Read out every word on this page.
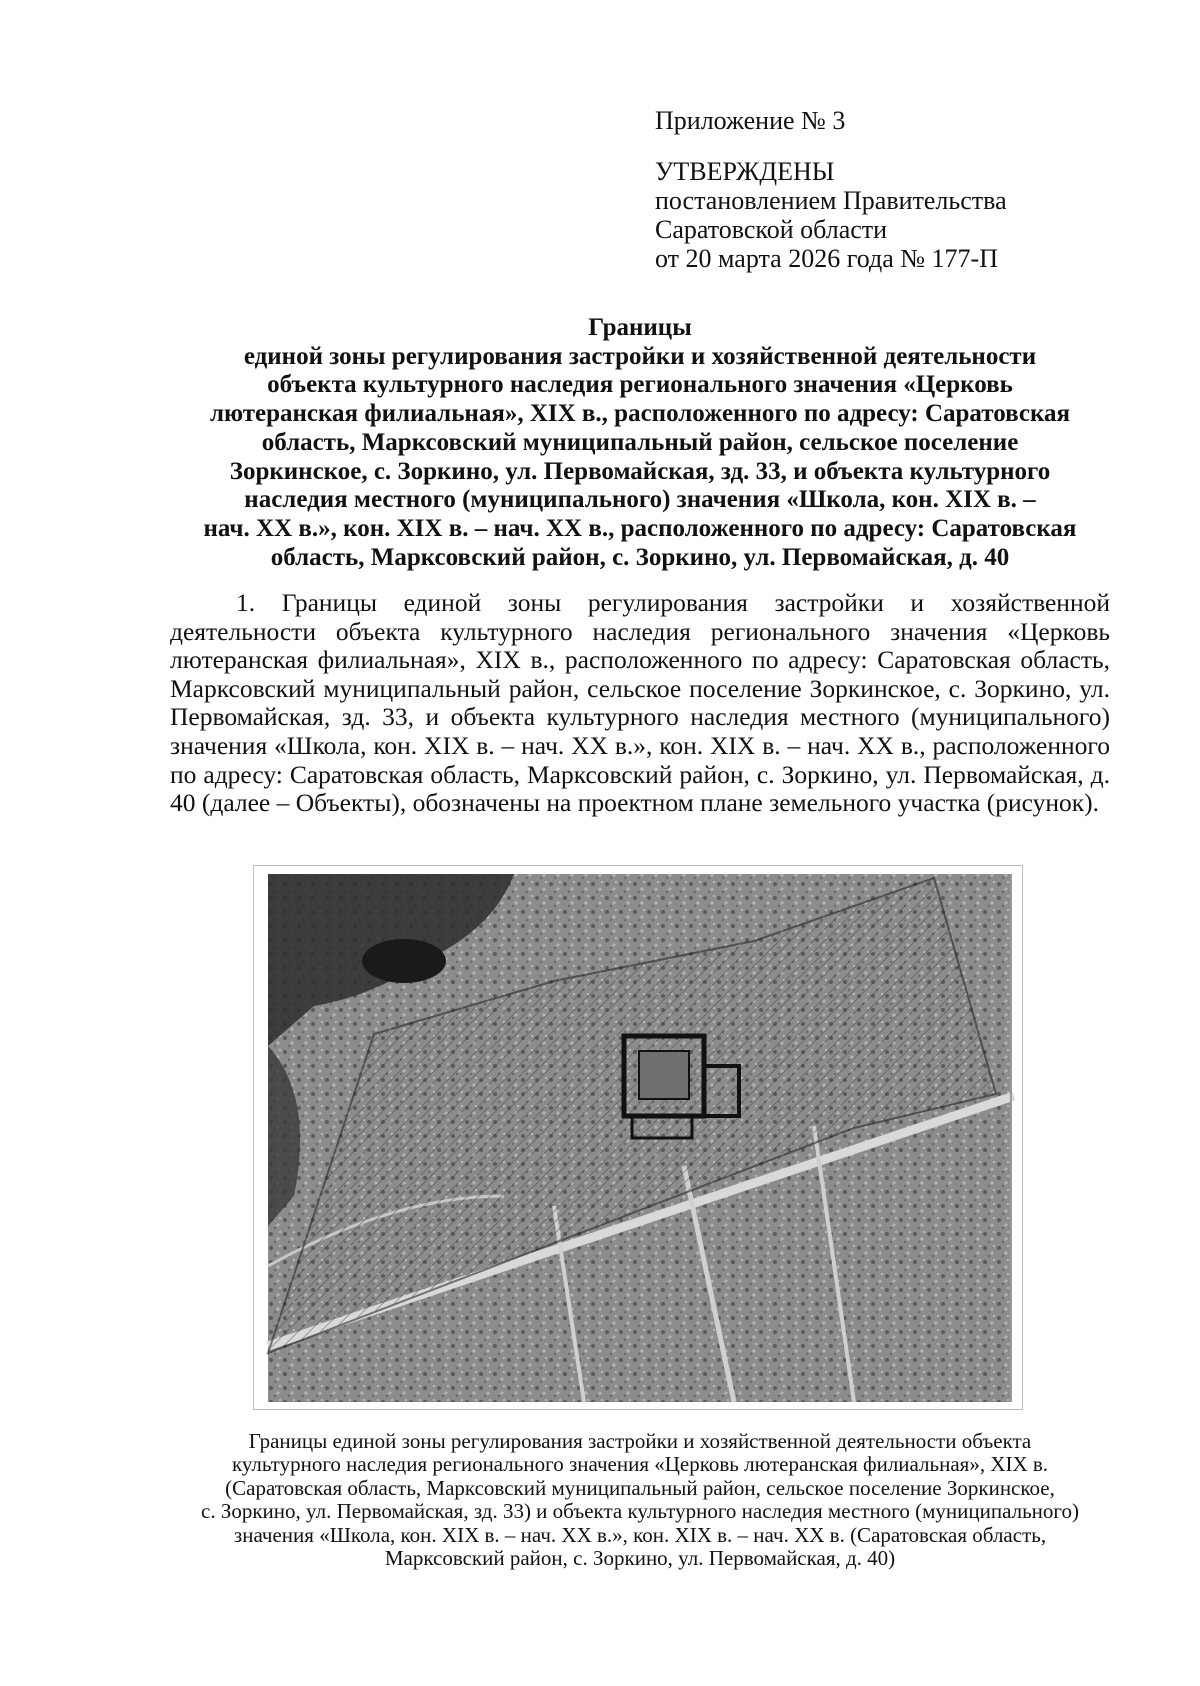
Приложение № 3
УТВЕРЖДЕНЫ
постановлением Правительства
Саратовской области
от 20 марта 2026 года № 177-П
Границы
единой зоны регулирования застройки и хозяйственной деятельности
объекта культурного наследия регионального значения «Церковь
лютеранская филиальная», XIX в., расположенного по адресу: Саратовская
область, Марксовский муниципальный район, сельское поселение
Зоркинское, с. Зоркино, ул. Первомайская, зд. 33, и объекта культурного
наследия местного (муниципального) значения «Школа, кон. XIX в. –
нач. XX в.», кон. XIX в. – нач. XX в., расположенного по адресу: Саратовская
область, Марксовский район, с. Зоркино, ул. Первомайская, д. 40
1. Границы единой зоны регулирования застройки и хозяйственной деятельности объекта культурного наследия регионального значения «Церковь лютеранская филиальная», XIX в., расположенного по адресу: Саратовская область, Марксовский муниципальный район, сельское поселение Зоркинское, с. Зоркино, ул. Первомайская, зд. 33, и объекта культурного наследия местного (муниципального) значения «Школа, кон. XIX в. – нач. XX в.», кон. XIX в. – нач. XX в., расположенного по адресу: Саратовская область, Марксовский район, с. Зоркино, ул. Первомайская, д. 40 (далее – Объекты), обозначены на проектном плане земельного участка (рисунок).
Границы единой зоны регулирования застройки и хозяйственной деятельности объекта
культурного наследия регионального значения «Церковь лютеранская филиальная», XIX в.
(Саратовская область, Марксовский муниципальный район, сельское поселение Зоркинское,
с. Зоркино, ул. Первомайская, зд. 33) и объекта культурного наследия местного (муниципального)
значения «Школа, кон. XIX в. – нач. XX в.», кон. XIX в. – нач. XX в. (Саратовская область,
Марксовский район, с. Зоркино, ул. Первомайская, д. 40)
